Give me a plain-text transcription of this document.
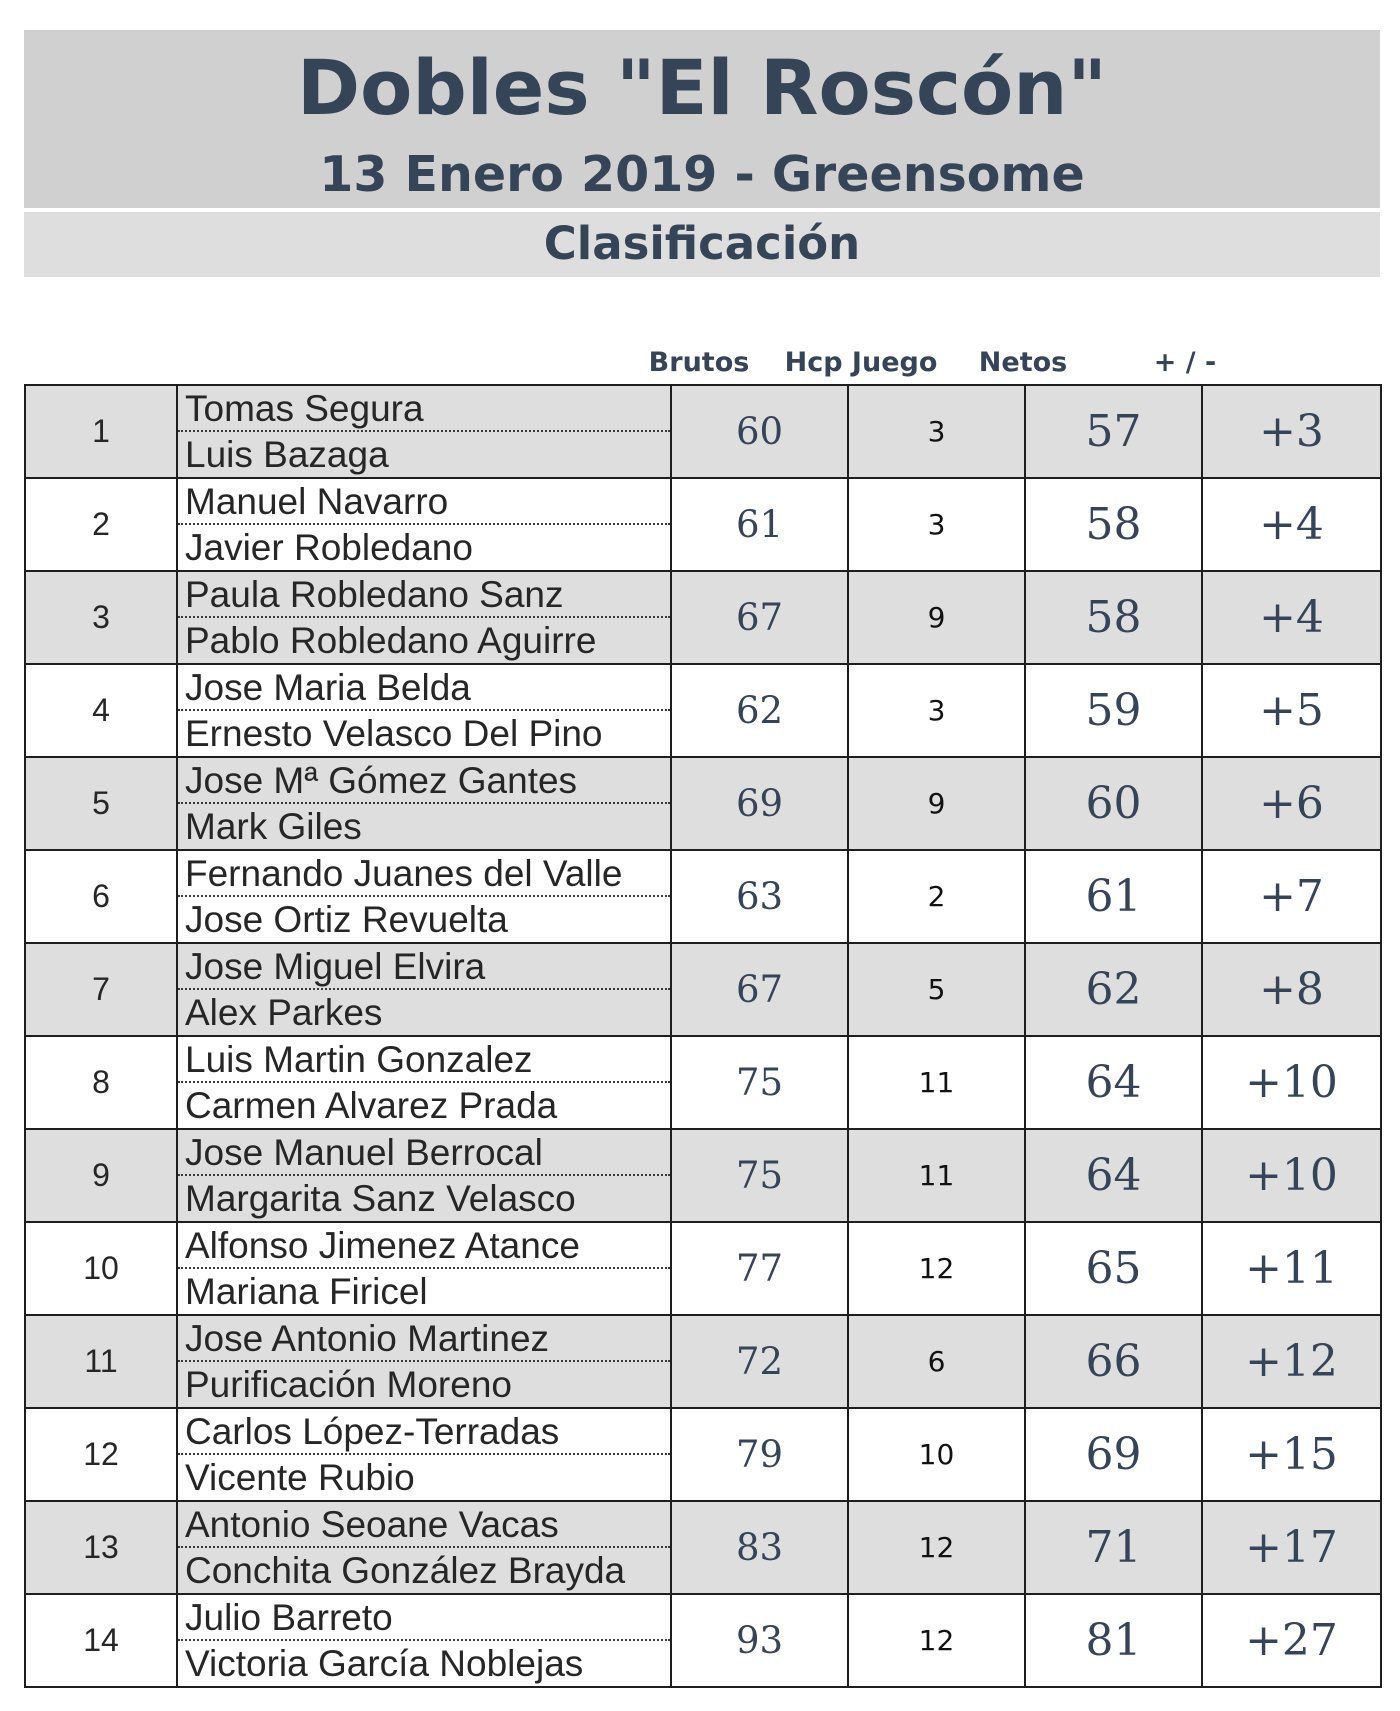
Dobles "El Roscón"
13 Enero 2019 - Greensome
Clasificación
Brutos	Hcp Juego	Netos	+ / -
1	Tomas Segura
Luis Bazaga	60	3	57	+3
2	Manuel Navarro
Javier Robledano	61	3	58	+4
3	Paula Robledano Sanz
Pablo Robledano Aguirre	67	9	58	+4
4	Jose Maria Belda
Ernesto Velasco Del Pino	62	3	59	+5
5	Jose Mª Gómez Gantes
Mark Giles	69	9	60	+6
6	Fernando Juanes del Valle
Jose Ortiz Revuelta	63	2	61	+7
7	Jose Miguel Elvira
Alex Parkes	67	5	62	+8
8	Luis Martin Gonzalez
Carmen Alvarez Prada	75	11	64	+10
9	Jose Manuel Berrocal
Margarita Sanz Velasco	75	11	64	+10
10	Alfonso Jimenez Atance
Mariana Firicel	77	12	65	+11
11	Jose Antonio Martinez
Purificación Moreno	72	6	66	+12
12	Carlos López-Terradas
Vicente Rubio	79	10	69	+15
13	Antonio Seoane Vacas
Conchita González Brayda	83	12	71	+17
14	Julio Barreto
Victoria García Noblejas	93	12	81	+27
